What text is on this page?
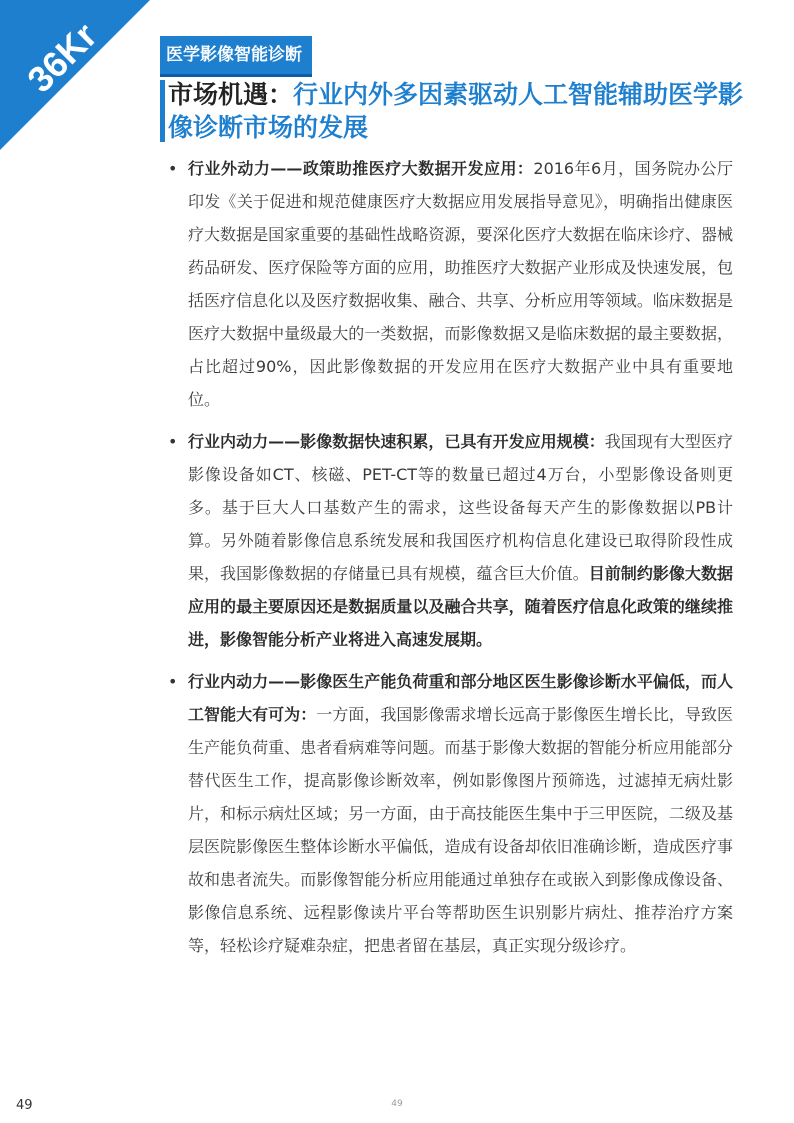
36Kr	医学影像智能诊断
市场机遇：行业内外多因素驱动人工智能辅助医学影像诊断市场的发展
• 行业外动力——政策助推医疗大数据开发应用：2016年6月，国务院办公厅印发《关于促进和规范健康医疗大数据应用发展指导意见》，明确指出健康医疗大数据是国家重要的基础性战略资源，要深化医疗大数据在临床诊疗、器械药品研发、医疗保险等方面的应用，助推医疗大数据产业形成及快速发展，包括医疗信息化以及医疗数据收集、融合、共享、分析应用等领域。临床数据是医疗大数据中量级最大的一类数据，而影像数据又是临床数据的最主要数据，占比超过90%，因此影像数据的开发应用在医疗大数据产业中具有重要地位。
• 行业内动力——影像数据快速积累，已具有开发应用规模：我国现有大型医疗影像设备如CT、核磁、PET-CT等的数量已超过4万台，小型影像设备则更多。基于巨大人口基数产生的需求，这些设备每天产生的影像数据以PB计算。另外随着影像信息系统发展和我国医疗机构信息化建设已取得阶段性成果，我国影像数据的存储量已具有规模，蕴含巨大价值。目前制约影像大数据应用的最主要原因还是数据质量以及融合共享，随着医疗信息化政策的继续推进，影像智能分析产业将进入高速发展期。
• 行业内动力——影像医生产能负荷重和部分地区医生影像诊断水平偏低，而人工智能大有可为：一方面，我国影像需求增长远高于影像医生增长比，导致医生产能负荷重、患者看病难等问题。而基于影像大数据的智能分析应用能部分替代医生工作，提高影像诊断效率，例如影像图片预筛选，过滤掉无病灶影片，和标示病灶区域；另一方面，由于高技能医生集中于三甲医院，二级及基层医院影像医生整体诊断水平偏低，造成有设备却依旧准确诊断，造成医疗事故和患者流失。而影像智能分析应用能通过单独存在或嵌入到影像成像设备、影像信息系统、远程影像读片平台等帮助医生识别影片病灶、推荐治疗方案等，轻松诊疗疑难杂症，把患者留在基层，真正实现分级诊疗。
49	49
